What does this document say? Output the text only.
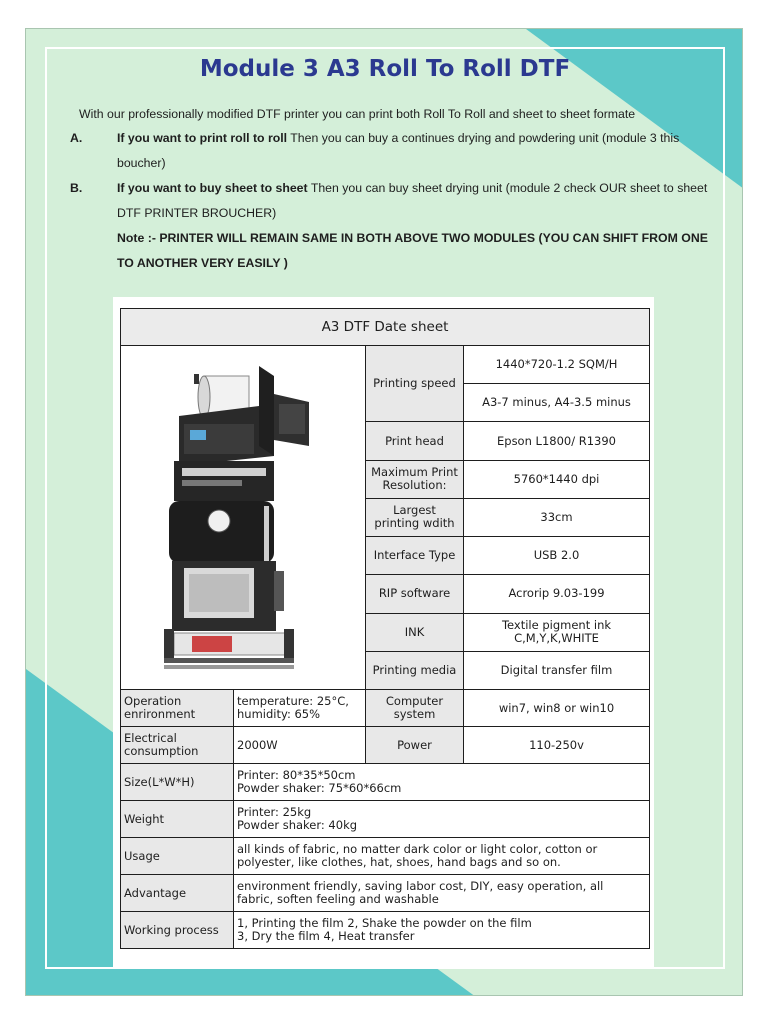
Module 3 A3 Roll To Roll DTF
With our professionally modified DTF printer you can print both Roll To Roll and sheet to sheet formate
A.	If you want to print roll to roll Then you can buy a continues drying and powdering unit (module 3 this boucher)
B.	If you want to buy sheet to sheet Then you can buy sheet drying unit (module 2 check OUR sheet to sheet DTF PRINTER BROUCHER)
Note :- PRINTER WILL REMAIN SAME IN BOTH ABOVE TWO MODULES (YOU CAN SHIFT FROM ONE TO ANOTHER VERY EASILY )
A3 DTF Date sheet			

	Printing speed	1440*720-1.2 SQM/H
			A3-7 minus, A4-3.5 minus
		Print head	Epson L1800/ R1390
		Maximum Print Resolution:	5760*1440 dpi
		Largest printing wdith	33cm
		Interface Type	USB 2.0
		RIP software	Acrorip 9.03-199
		INK	Textile pigment ink C,M,Y,K,WHITE
		Printing media	Digital transfer film
Operation enrironment	temperature: 25°C, humidity: 65%	Computer system	win7, win8 or win10
Electrical consumption	2000W	Power	110-250v
Size(L*W*H)	Printer: 80*35*50cm
Powder shaker: 75*60*66cm		

Weight	Printer: 25kg
Powder shaker: 40kg		

Usage	all kinds of fabric, no matter dark color or light color, cotton or
polyester, like clothes, hat, shoes, hand bags and so on.		

Advantage	environment friendly, saving labor cost, DIY, easy operation, all
fabric, soften feeling and washable		

Working process	1, Printing the film 2, Shake the powder on the film
3, Dry the film 4, Heat transfer		
